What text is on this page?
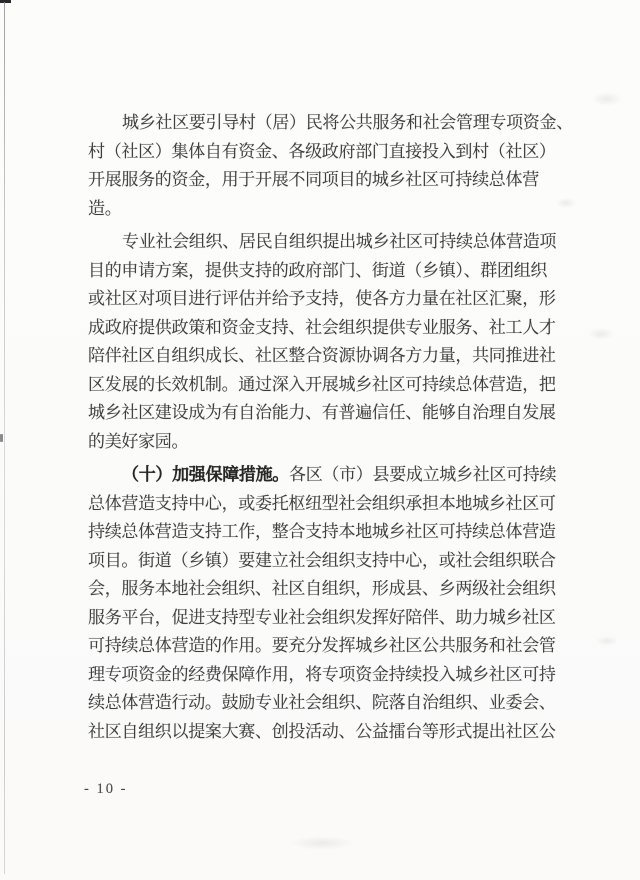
城乡社区要引导村（居）民将公共服务和社会管理专项资金、
村（社区）集体自有资金、各级政府部门直接投入到村（社区）
开展服务的资金，用于开展不同项目的城乡社区可持续总体营
造。
专业社会组织、居民自组织提出城乡社区可持续总体营造项
目的申请方案，提供支持的政府部门、街道（乡镇）、群团组织
或社区对项目进行评估并给予支持，使各方力量在社区汇聚，形
成政府提供政策和资金支持、社会组织提供专业服务、社工人才
陪伴社区自组织成长、社区整合资源协调各方力量，共同推进社
区发展的长效机制。通过深入开展城乡社区可持续总体营造，把
城乡社区建设成为有自治能力、有普遍信任、能够自治理自发展
的美好家园。
（十）加强保障措施。各区（市）县要成立城乡社区可持续
总体营造支持中心，或委托枢纽型社会组织承担本地城乡社区可
持续总体营造支持工作，整合支持本地城乡社区可持续总体营造
项目。街道（乡镇）要建立社会组织支持中心，或社会组织联合
会，服务本地社会组织、社区自组织，形成县、乡两级社会组织
服务平台，促进支持型专业社会组织发挥好陪伴、助力城乡社区
可持续总体营造的作用。要充分发挥城乡社区公共服务和社会管
理专项资金的经费保障作用，将专项资金持续投入城乡社区可持
续总体营造行动。鼓励专业社会组织、院落自治组织、业委会、
社区自组织以提案大赛、创投活动、公益擂台等形式提出社区公
- 10 -
